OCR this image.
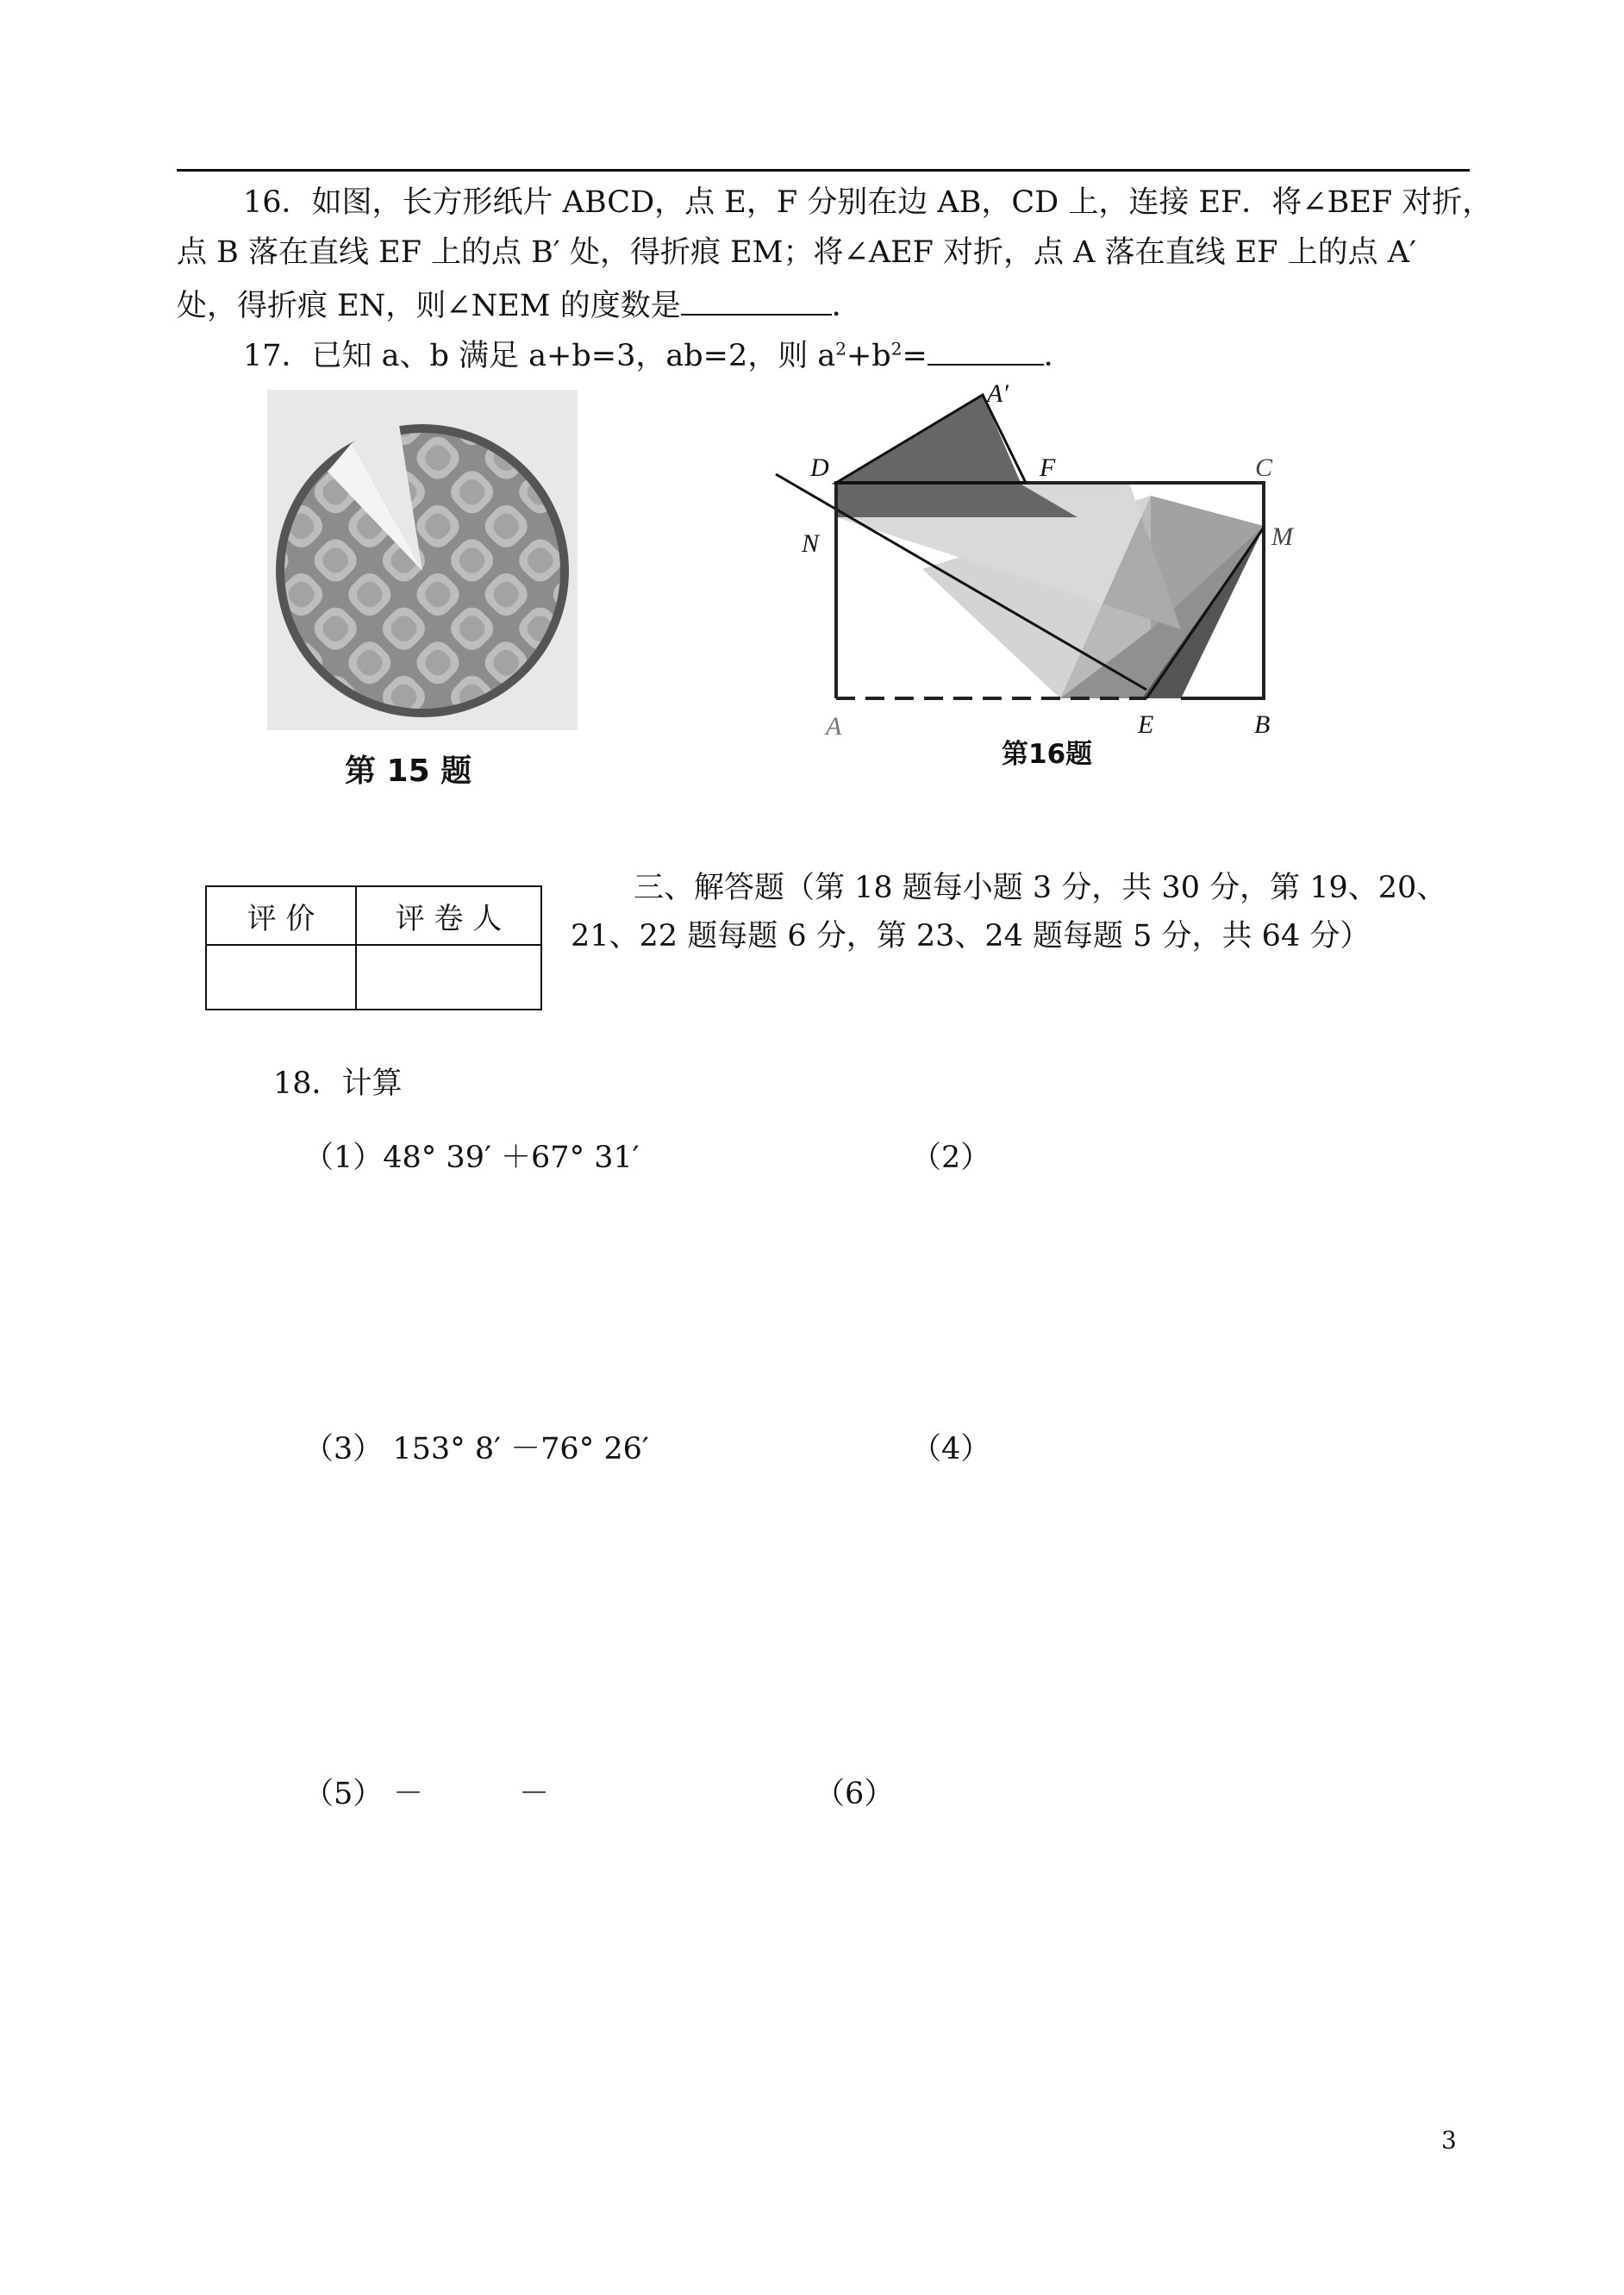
16．如图，长方形纸片 ABCD，点 E，F 分别在边 AB，CD 上，连接 EF．将∠BEF 对折，
点 B 落在直线 EF 上的点 B′ 处，得折痕 EM；将∠AEF 对折，点 A 落在直线 EF 上的点 A′
处，得折痕 EN，则∠NEM 的度数是	．
17．已知 a、b 满足 a+b=3，ab=2，则 $a^2+b^2=$	．
第 15 题
A′
D	F	C
N	M
A	E	B
第16题
评 价	评 卷 人

三、解答题（第 18 题每小题 3 分，共 30 分，第 19、20、
21、22 题每题 6 分，第 23、24 题每题 5 分，共 64 分）
18．计算
（1）48° 39′ ＋67° 31′	（2）
（3） 153° 8′ －76° 26′	（4）
（5） －	－	（6）
3
